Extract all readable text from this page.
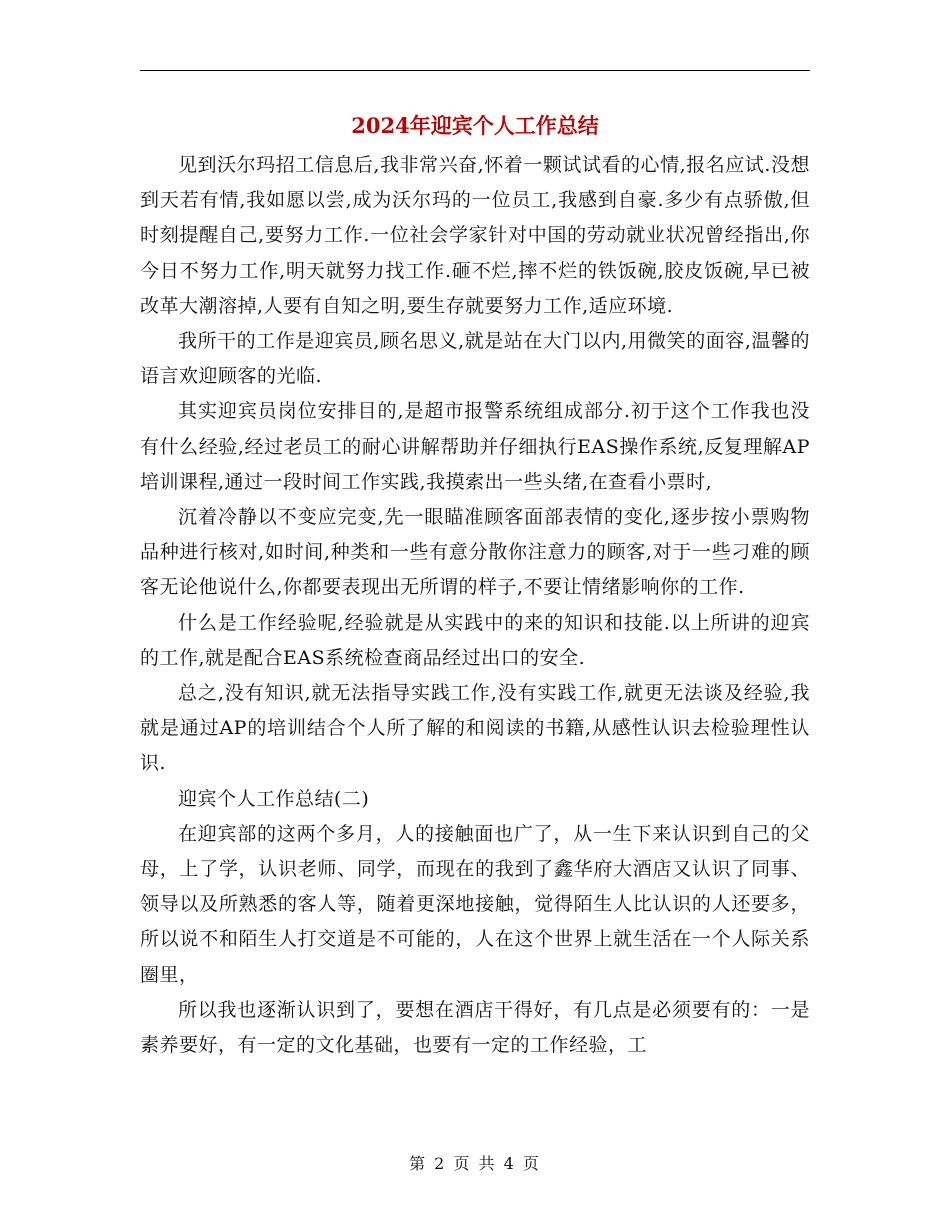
2024年迎宾个人工作总结

见到沃尔玛招工信息后,我非常兴奋,怀着一颗试试看的心情,报名应试.没想到天若有情,我如愿以尝,成为沃尔玛的一位员工,我感到自豪.多少有点骄傲,但时刻提醒自己,要努力工作.一位社会学家针对中国的劳动就业状况曾经指出,你今日不努力工作,明天就努力找工作.砸不烂,摔不烂的铁饭碗,胶皮饭碗,早已被改革大潮溶掉,人要有自知之明,要生存就要努力工作,适应环境.

我所干的工作是迎宾员,顾名思义,就是站在大门以内,用微笑的面容,温馨的语言欢迎顾客的光临.

其实迎宾员岗位安排目的,是超市报警系统组成部分.初于这个工作我也没有什么经验,经过老员工的耐心讲解帮助并仔细执行EAS操作系统,反复理解AP培训课程,通过一段时间工作实践,我摸索出一些头绪,在查看小票时,

沉着冷静以不变应完变,先一眼瞄准顾客面部表情的变化,逐步按小票购物品种进行核对,如时间,种类和一些有意分散你注意力的顾客,对于一些刁难的顾客无论他说什么,你都要表现出无所谓的样子,不要让情绪影响你的工作.

什么是工作经验呢,经验就是从实践中的来的知识和技能.以上所讲的迎宾的工作,就是配合EAS系统检查商品经过出口的安全.

总之,没有知识,就无法指导实践工作,没有实践工作,就更无法谈及经验,我就是通过AP的培训结合个人所了解的和阅读的书籍,从感性认识去检验理性认识.

迎宾个人工作总结(二)

在迎宾部的这两个多月，人的接触面也广了，从一生下来认识到自己的父母，上了学，认识老师、同学，而现在的我到了鑫华府大酒店又认识了同事、领导以及所熟悉的客人等，随着更深地接触，觉得陌生人比认识的人还要多，所以说不和陌生人打交道是不可能的，人在这个世界上就生活在一个人际关系圈里，

所以我也逐渐认识到了，要想在酒店干得好，有几点是必须要有的：一是素养要好，有一定的文化基础，也要有一定的工作经验，工

第 2 页 共 4 页
